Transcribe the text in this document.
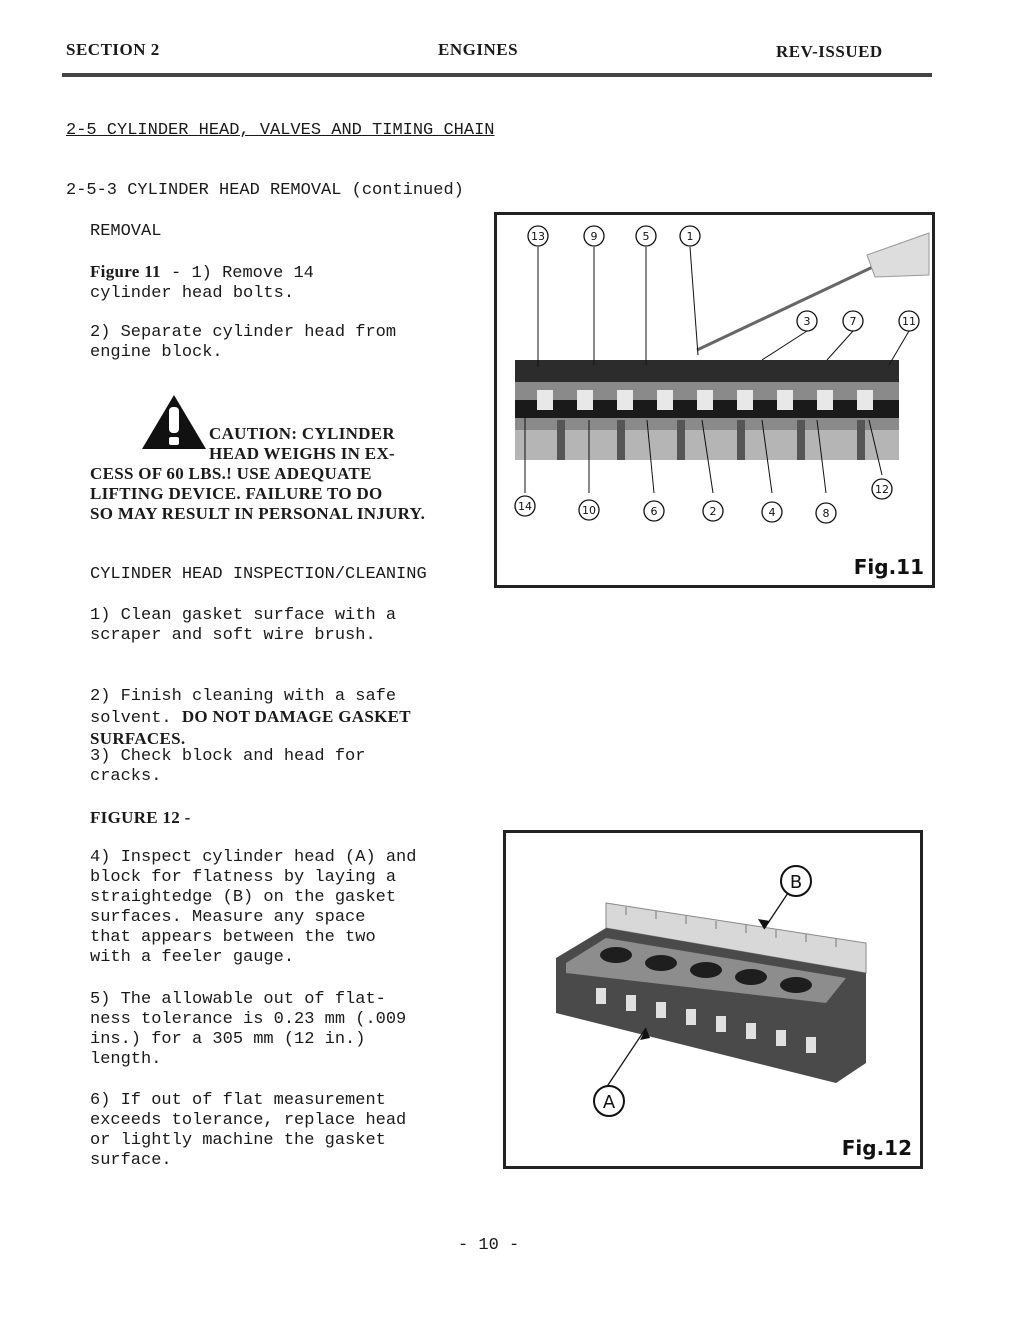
SECTION 2	ENGINES	REV-ISSUED
2-5 CYLINDER HEAD, VALVES AND TIMING CHAIN
2-5-3 CYLINDER HEAD REMOVAL (continued)
REMOVAL
Figure 11 - 1) Remove 14
cylinder head bolts.
2) Separate cylinder head from
engine block.
CAUTION: CYLINDER
HEAD WEIGHS IN EX-
CESS OF 60 LBS.! USE ADEQUATE
LIFTING DEVICE. FAILURE TO DO
SO MAY RESULT IN PERSONAL INJURY.
CYLINDER HEAD INSPECTION/CLEANING
1) Clean gasket surface with a
scraper and soft wire brush.

2) Finish cleaning with a safe
solvent. DO NOT DAMAGE GASKET
SURFACES.

3) Check block and head for
cracks.
FIGURE 12 -
4) Inspect cylinder head (A) and
block for flatness by laying a
straightedge (B) on the gasket
surfaces. Measure any space
that appears between the two
with a feeler gauge.
5) The allowable out of flat-
ness tolerance is 0.23 mm (.009
ins.) for a 305 mm (12 in.)
length.
6) If out of flat measurement
exceeds tolerance, replace head
or lightly machine the gasket
surface.
13	9	5	1
3	7	11
14	10	6	2	4	8
12
Fig.11
B
A
Fig.12
- 10 -
